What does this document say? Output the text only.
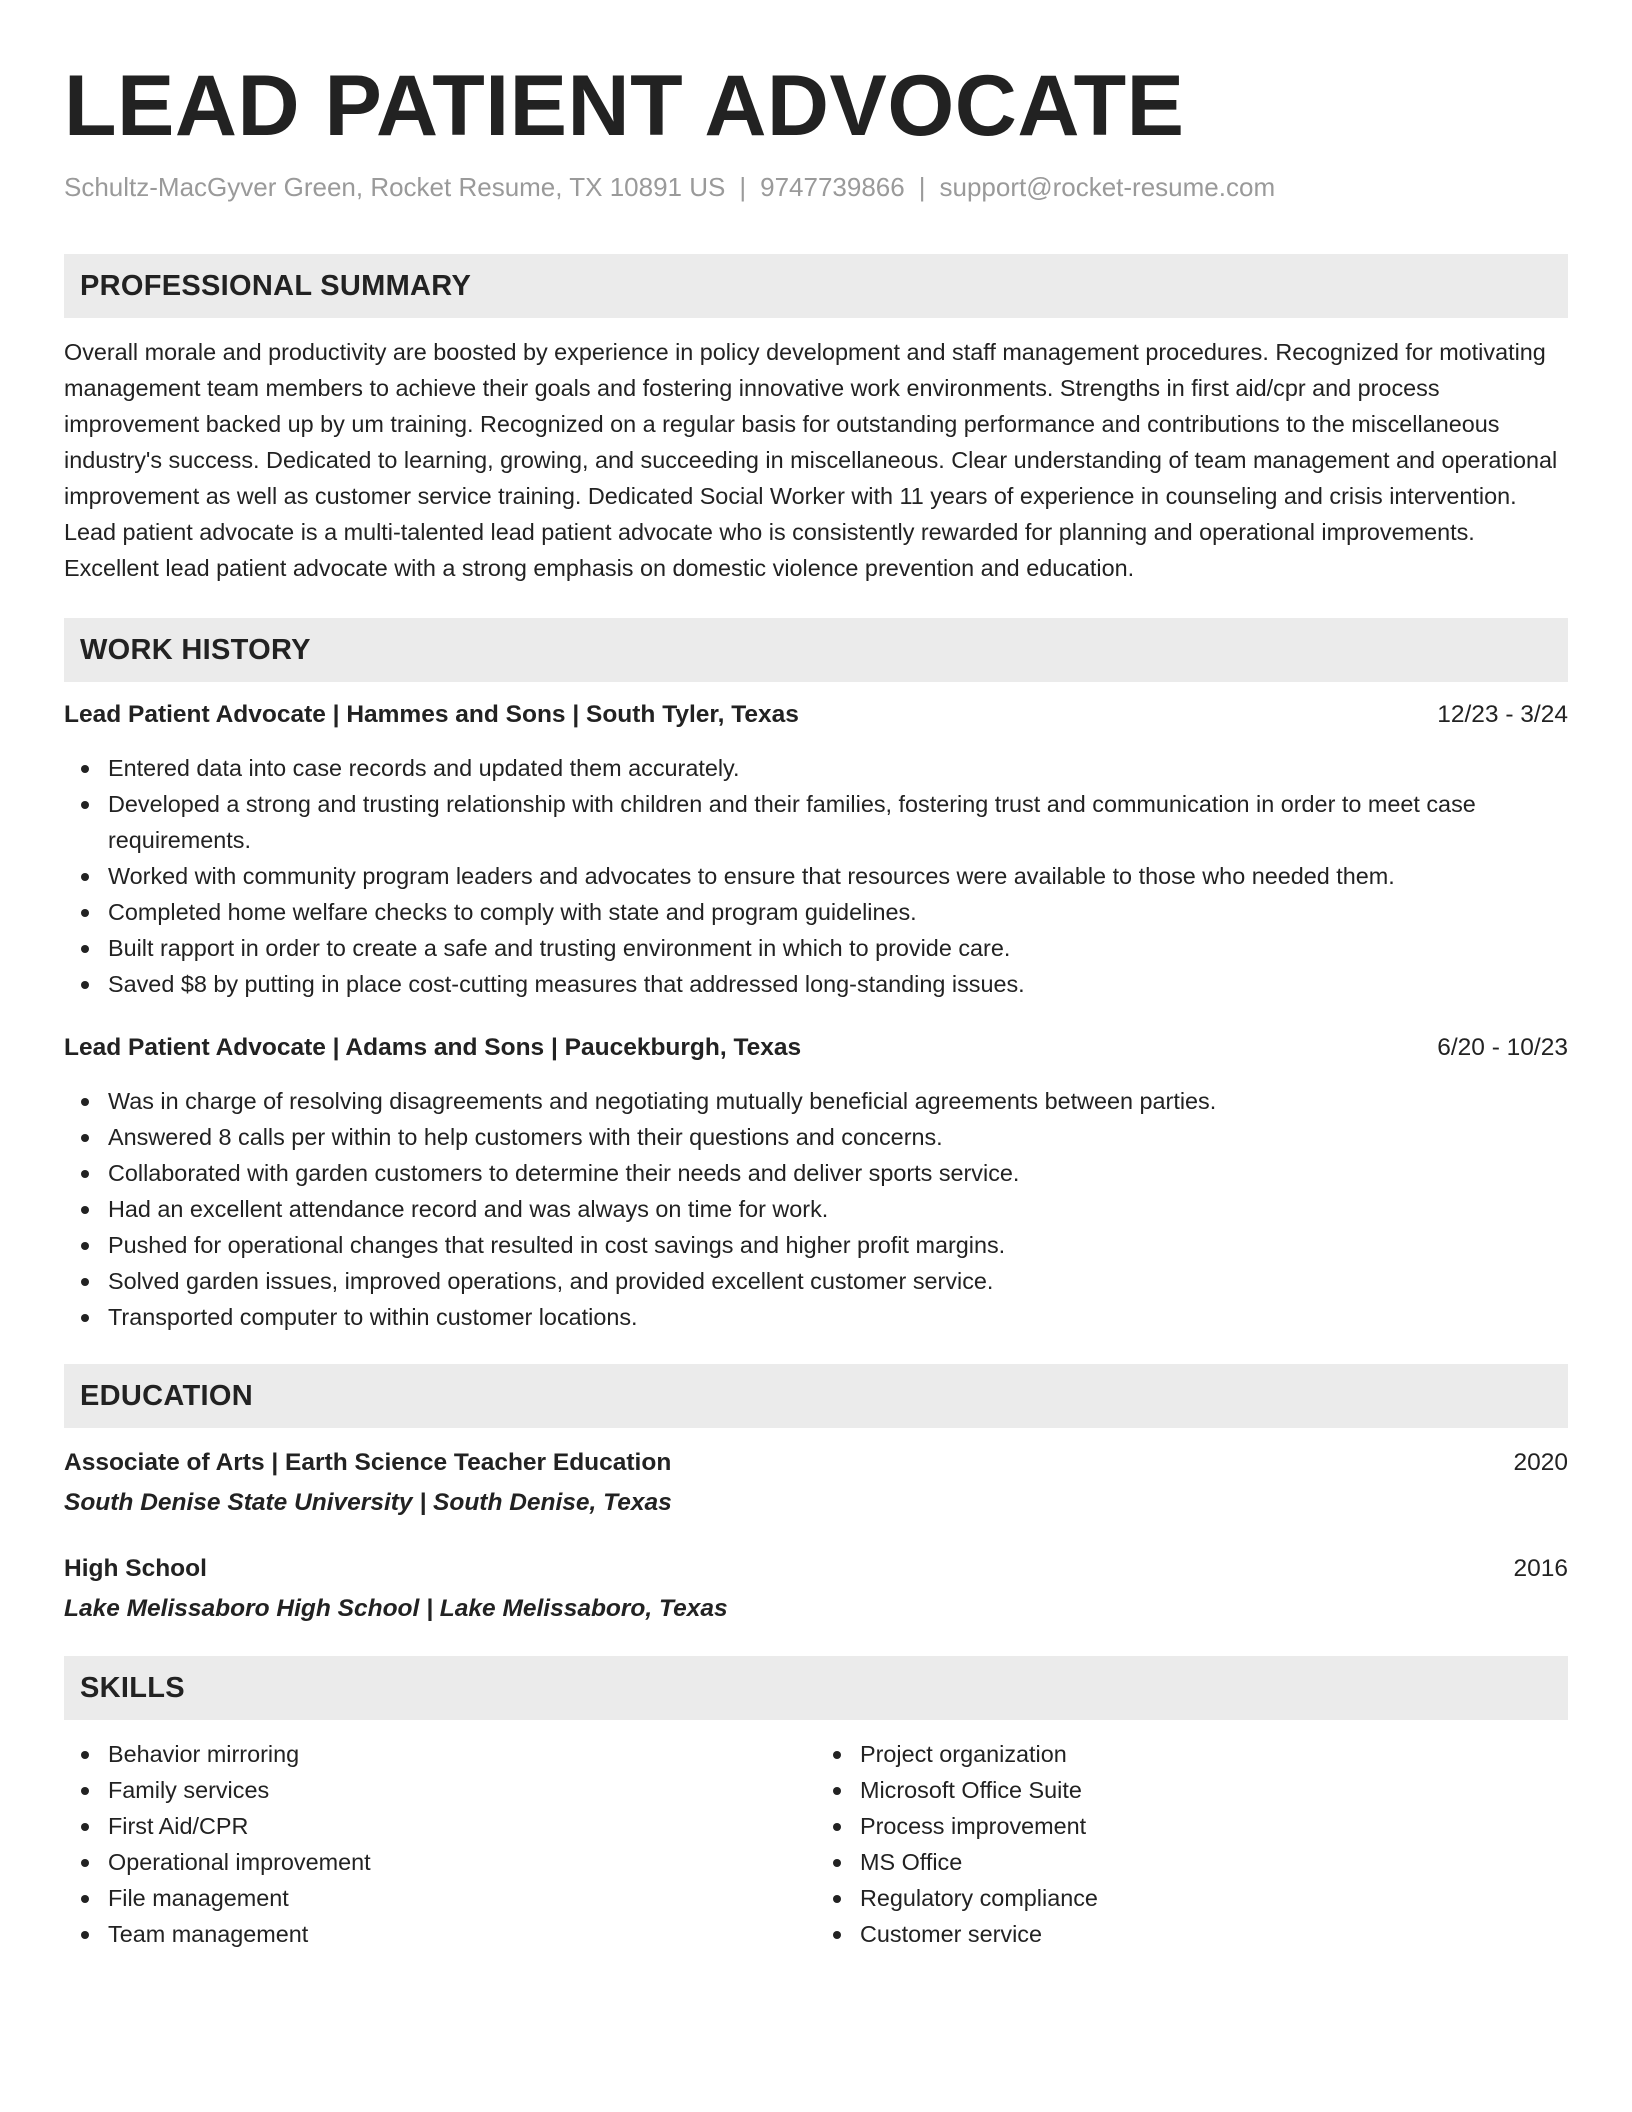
LEAD PATIENT ADVOCATE
Schultz-MacGyver Green, Rocket Resume, TX 10891 US | 9747739866 | support@rocket-resume.com
PROFESSIONAL SUMMARY

Overall morale and productivity are boosted by experience in policy development and staff management procedures. Recognized for motivating management team members to achieve their goals and fostering innovative work environments. Strengths in first aid/cpr and process improvement backed up by um training. Recognized on a regular basis for outstanding performance and contributions to the miscellaneous industry's success. Dedicated to learning, growing, and succeeding in miscellaneous. Clear understanding of team management and operational improvement as well as customer service training. Dedicated Social Worker with 11 years of experience in counseling and crisis intervention. Lead patient advocate is a multi-talented lead patient advocate who is consistently rewarded for planning and operational improvements. Excellent lead patient advocate with a strong emphasis on domestic violence prevention and education.

WORK HISTORY
Lead Patient Advocate | Hammes and Sons | South Tyler, Texas	12/23 - 3/24
Entered data into case records and updated them accurately.
Developed a strong and trusting relationship with children and their families, fostering trust and communication in order to meet case requirements.
Worked with community program leaders and advocates to ensure that resources were available to those who needed them.
Completed home welfare checks to comply with state and program guidelines.
Built rapport in order to create a safe and trusting environment in which to provide care.
Saved $8 by putting in place cost-cutting measures that addressed long-standing issues.
Lead Patient Advocate | Adams and Sons | Paucekburgh, Texas	6/20 - 10/23
Was in charge of resolving disagreements and negotiating mutually beneficial agreements between parties.
Answered 8 calls per within to help customers with their questions and concerns.
Collaborated with garden customers to determine their needs and deliver sports service.
Had an excellent attendance record and was always on time for work.
Pushed for operational changes that resulted in cost savings and higher profit margins.
Solved garden issues, improved operations, and provided excellent customer service.
Transported computer to within customer locations.
EDUCATION
Associate of Arts | Earth Science Teacher Education	2020
South Denise State University | South Denise, Texas
High School	2016
Lake Melissaboro High School | Lake Melissaboro, Texas
SKILLS
Behavior mirroring
Family services
First Aid/CPR
Operational improvement
File management
Team management
Project organization
Microsoft Office Suite
Process improvement
MS Office
Regulatory compliance
Customer service
